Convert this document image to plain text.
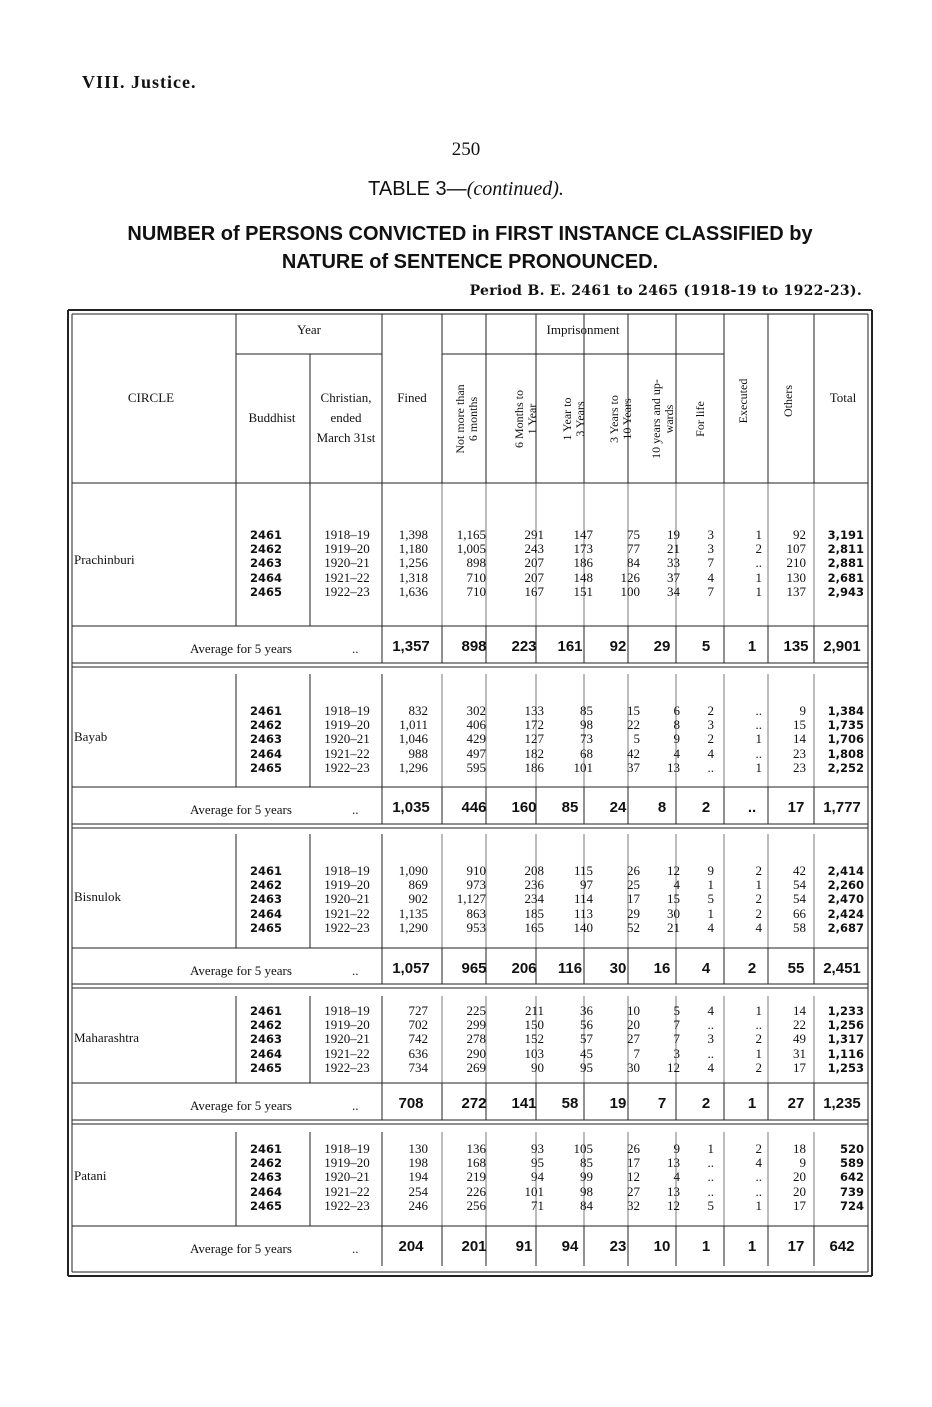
VIII. Justice.
250
TABLE 3—(continued).
NUMBER of PERSONS CONVICTED in FIRST INSTANCE CLASSIFIED by
NATURE of SENTENCE PRONOUNCED.
Period B. E. 2461 to 2465 (1918-19 to 1922-23).
CIRCLE
Year
Buddhist
Christian,
ended
March 31st
Fined
Imprisonment
Not more than 6 months	6 Months to 1 Year 1 Year to 3 Years 3 Years to 10 Years 10 years and up- wards For life	Executed	Others	Total
Prachinburi
2461	1918–19	1,398	1,165	291	147	75	19	3	1	92	3,191
2462	1919–20	1,180	1,005	243	173	77	21	3	2	107	2,811
2463	1920–21	1,256	898	207	186	84	33	7	..	210	2,881
2464	1921–22	1,318	710	207	148	126	37	4	1	130	2,681
2465	1922–23	1,636	710	167	151	100	34	7	1	137	2,943
Average for 5 years	..	1,357	898	223	161	92	29	5	1	135 2,901
Bayab
2461	1918–19	832	302	133	85	15	6	2	..	9	1,384
2462	1919–20	1,011	406	172	98	22	8	3	..	15	1,735
2463	1920–21	1,046	429	127	73	5	9	2	1	14	1,706
2464	1921–22	988	497	182	68	42	4	4	..	23	1,808
2465	1922–23	1,296	595	186	101	37	13	..	1	23	2,252
Average for 5 years	..	1,035	446	160	85	24	8	2	..	17	1,777
Bisnulok
2461	1918–19	1,090	910	208	115	26	12	9	2	42	2,414
2462	1919–20	869	973	236	97	25	4	1	1	54	2,260
2463	1920–21	902	1,127	234	114	17	15	5	2	54	2,470
2464	1921–22	1,135	863	185	113	29	30	1	2	66	2,424
2465	1922–23	1,290	953	165	140	52	21	4	4	58	2,687
Average for 5 years	..	1,057	965	206	116	30	16	4	2	55	2,451
Maharashtra
2461	1918–19	727	225	211	36	10	5	4	1	14	1,233
2462	1919–20	702	299	150	56	20	7	..	..	22	1,256
2463	1920–21	742	278	152	57	27	7	3	2	49	1,317
2464	1921–22	636	290	103	45	7	3	..	1	31	1,116
2465	1922–23	734	269	90	95	30	12	4	2	17	1,253
Average for 5 years	..	708	272	141	58	19	7	2	1	27	1,235
Patani
2461	1918–19	130	136	93	105	26	9	1	2	18	520
2462	1919–20	198	168	95	85	17	13	..	4	9	589
2463	1920–21	194	219	94	99	12	4	..	..	20	642
2464	1921–22	254	226	101	98	27	13	..	..	20	739
2465	1922–23	246	256	71	84	32	12	5	1	17	724
Average for 5 years	..	204	201	91	94	23	10	1	1	17	642
